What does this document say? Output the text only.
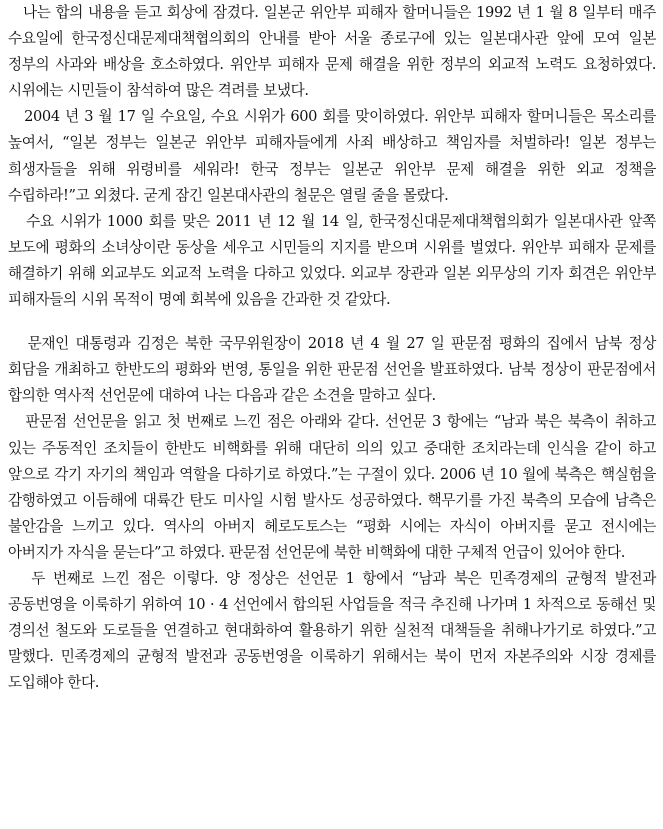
나는 합의 내용을 듣고 회상에 잠겼다. 일본군 위안부 피해자 할머니들은 1992 년 1 월 8 일부터 매주 수요일에 한국정신대문제대책협의회의 안내를 받아 서울 종로구에 있는 일본대사관 앞에 모여 일본 정부의 사과와 배상을 호소하였다. 위안부 피해자 문제 해결을 위한 정부의 외교적 노력도 요청하였다. 시위에는 시민들이 참석하여 많은 격려를 보냈다.

2004 년 3 월 17 일 수요일, 수요 시위가 600 회를 맞이하였다. 위안부 피해자 할머니들은 목소리를 높여서, “일본 정부는 일본군 위안부 피해자들에게 사죄 배상하고 책임자를 처벌하라! 일본 정부는 희생자들을 위해 위령비를 세워라! 한국 정부는 일본군 위안부 문제 해결을 위한 외교 정책을 수립하라!”고 외쳤다. 굳게 잠긴 일본대사관의 철문은 열릴 줄을 몰랐다.

수요 시위가 1000 회를 맞은 2011 년 12 월 14 일, 한국정신대문제대책협의회가 일본대사관 앞쪽 보도에 평화의 소녀상이란 동상을 세우고 시민들의 지지를 받으며 시위를 벌였다. 위안부 피해자 문제를 해결하기 위해 외교부도 외교적 노력을 다하고 있었다. 외교부 장관과 일본 외무상의 기자 회견은 위안부 피해자들의 시위 목적이 명예 회복에 있음을 간과한 것 같았다.

문재인 대통령과 김정은 북한 국무위원장이 2018 년 4 월 27 일 판문점 평화의 집에서 남북 정상 회담을 개최하고 한반도의 평화와 번영, 통일을 위한 판문점 선언을 발표하였다. 남북 정상이 판문점에서 합의한 역사적 선언문에 대하여 나는 다음과 같은 소견을 말하고 싶다.

판문점 선언문을 읽고 첫 번째로 느낀 점은 아래와 같다. 선언문 3 항에는 “남과 북은 북측이 취하고 있는 주동적인 조치들이 한반도 비핵화를 위해 대단히 의의 있고 중대한 조치라는데 인식을 같이 하고 앞으로 각기 자기의 책임과 역할을 다하기로 하였다.”는 구절이 있다. 2006 년 10 월에 북측은 핵실험을 감행하였고 이듬해에 대륙간 탄도 미사일 시험 발사도 성공하였다. 핵무기를 가진 북측의 모습에 남측은 불안감을 느끼고 있다. 역사의 아버지 헤로도토스는 “평화 시에는 자식이 아버지를 묻고 전시에는 아버지가 자식을 묻는다”고 하였다. 판문점 선언문에 북한 비핵화에 대한 구체적 언급이 있어야 한다.

두 번째로 느낀 점은 이렇다. 양 정상은 선언문 1 항에서 “남과 북은 민족경제의 균형적 발전과 공동번영을 이룩하기 위하여 10 · 4 선언에서 합의된 사업들을 적극 추진해 나가며 1 차적으로 동해선 및 경의선 철도와 도로들을 연결하고 현대화하여 활용하기 위한 실천적 대책들을 취해나가기로 하였다.”고 말했다. 민족경제의 균형적 발전과 공동번영을 이룩하기 위해서는 북이 먼저 자본주의와 시장 경제를 도입해야 한다.
